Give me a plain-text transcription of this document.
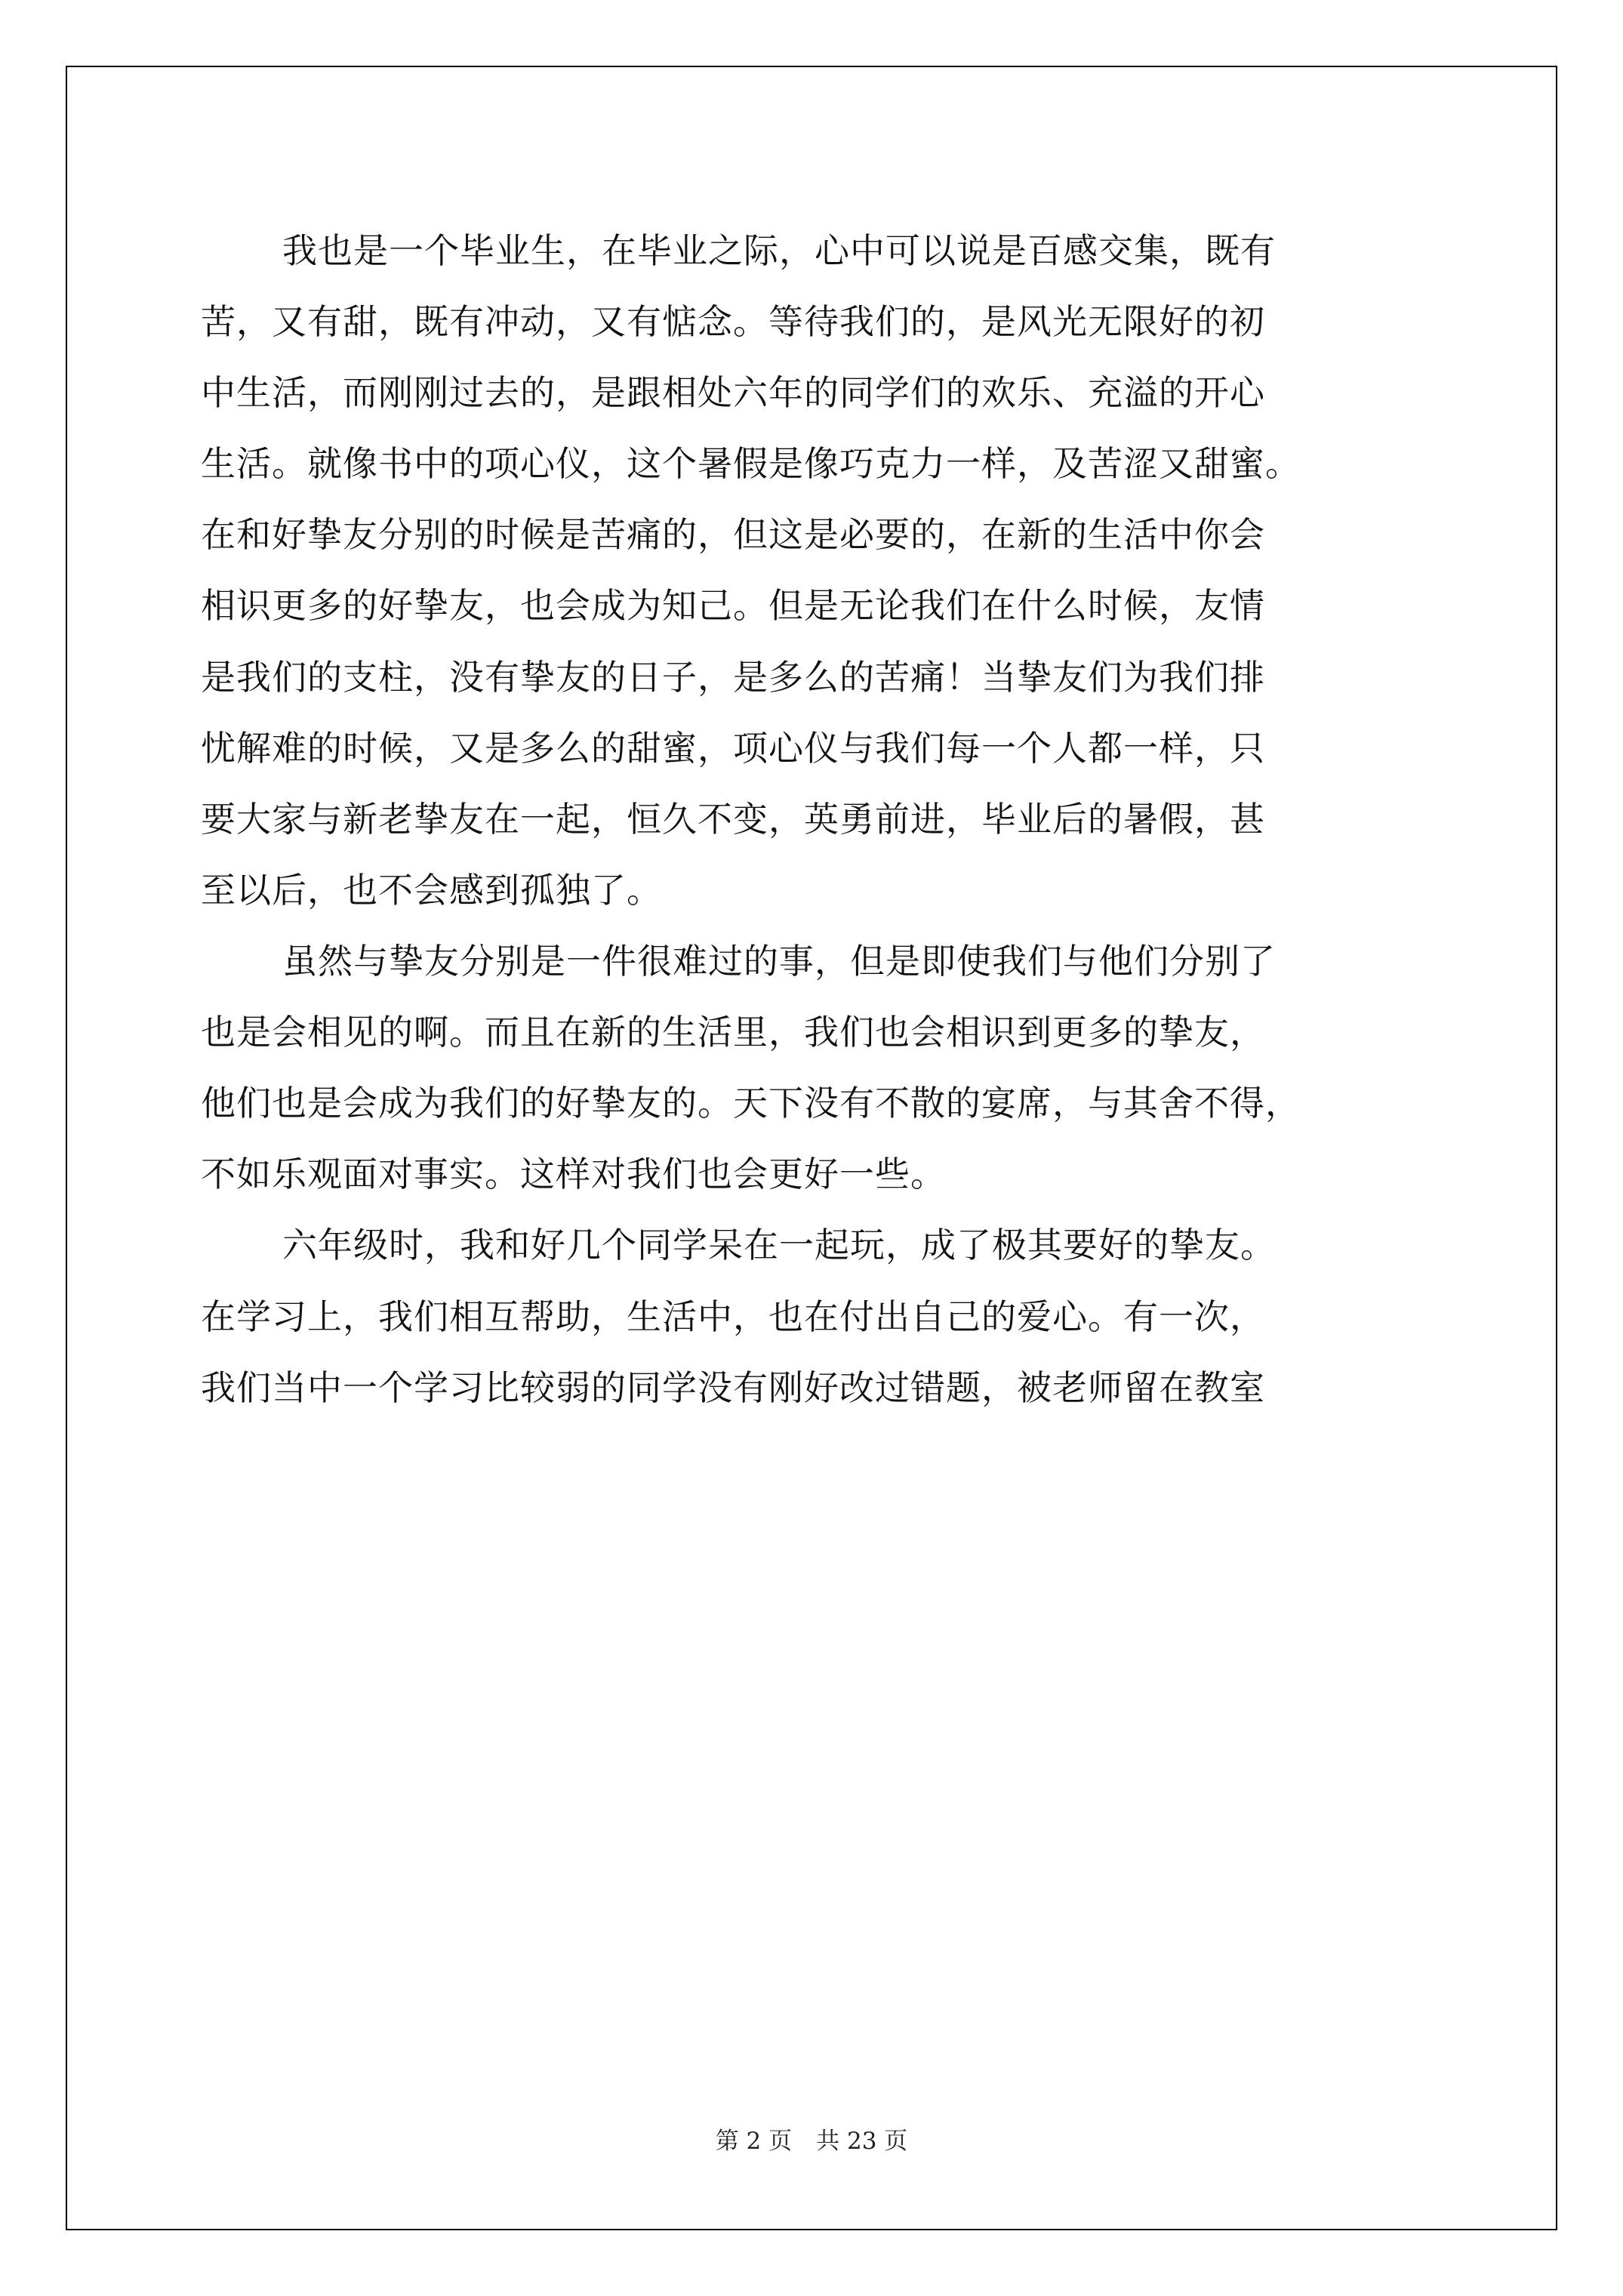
我也是一个毕业生，在毕业之际，心中可以说是百感交集，既有
苦，又有甜，既有冲动，又有惦念。等待我们的，是风光无限好的初
中生活，而刚刚过去的，是跟相处六年的同学们的欢乐、充溢的开心
生活。就像书中的项心仪，这个暑假是像巧克力一样，及苦涩又甜蜜。
在和好挚友分别的时候是苦痛的，但这是必要的，在新的生活中你会
相识更多的好挚友，也会成为知己。但是无论我们在什么时候，友情
是我们的支柱，没有挚友的日子，是多么的苦痛！当挚友们为我们排
忧解难的时候，又是多么的甜蜜，项心仪与我们每一个人都一样，只
要大家与新老挚友在一起，恒久不变，英勇前进，毕业后的暑假，甚
至以后，也不会感到孤独了。
虽然与挚友分别是一件很难过的事，但是即使我们与他们分别了
也是会相见的啊。而且在新的生活里，我们也会相识到更多的挚友，
他们也是会成为我们的好挚友的。天下没有不散的宴席，与其舍不得，
不如乐观面对事实。这样对我们也会更好一些。
六年级时，我和好几个同学呆在一起玩，成了极其要好的挚友。
在学习上，我们相互帮助，生活中，也在付出自己的爱心。有一次，
我们当中一个学习比较弱的同学没有刚好改过错题，被老师留在教室
第 2 页 共 23 页
